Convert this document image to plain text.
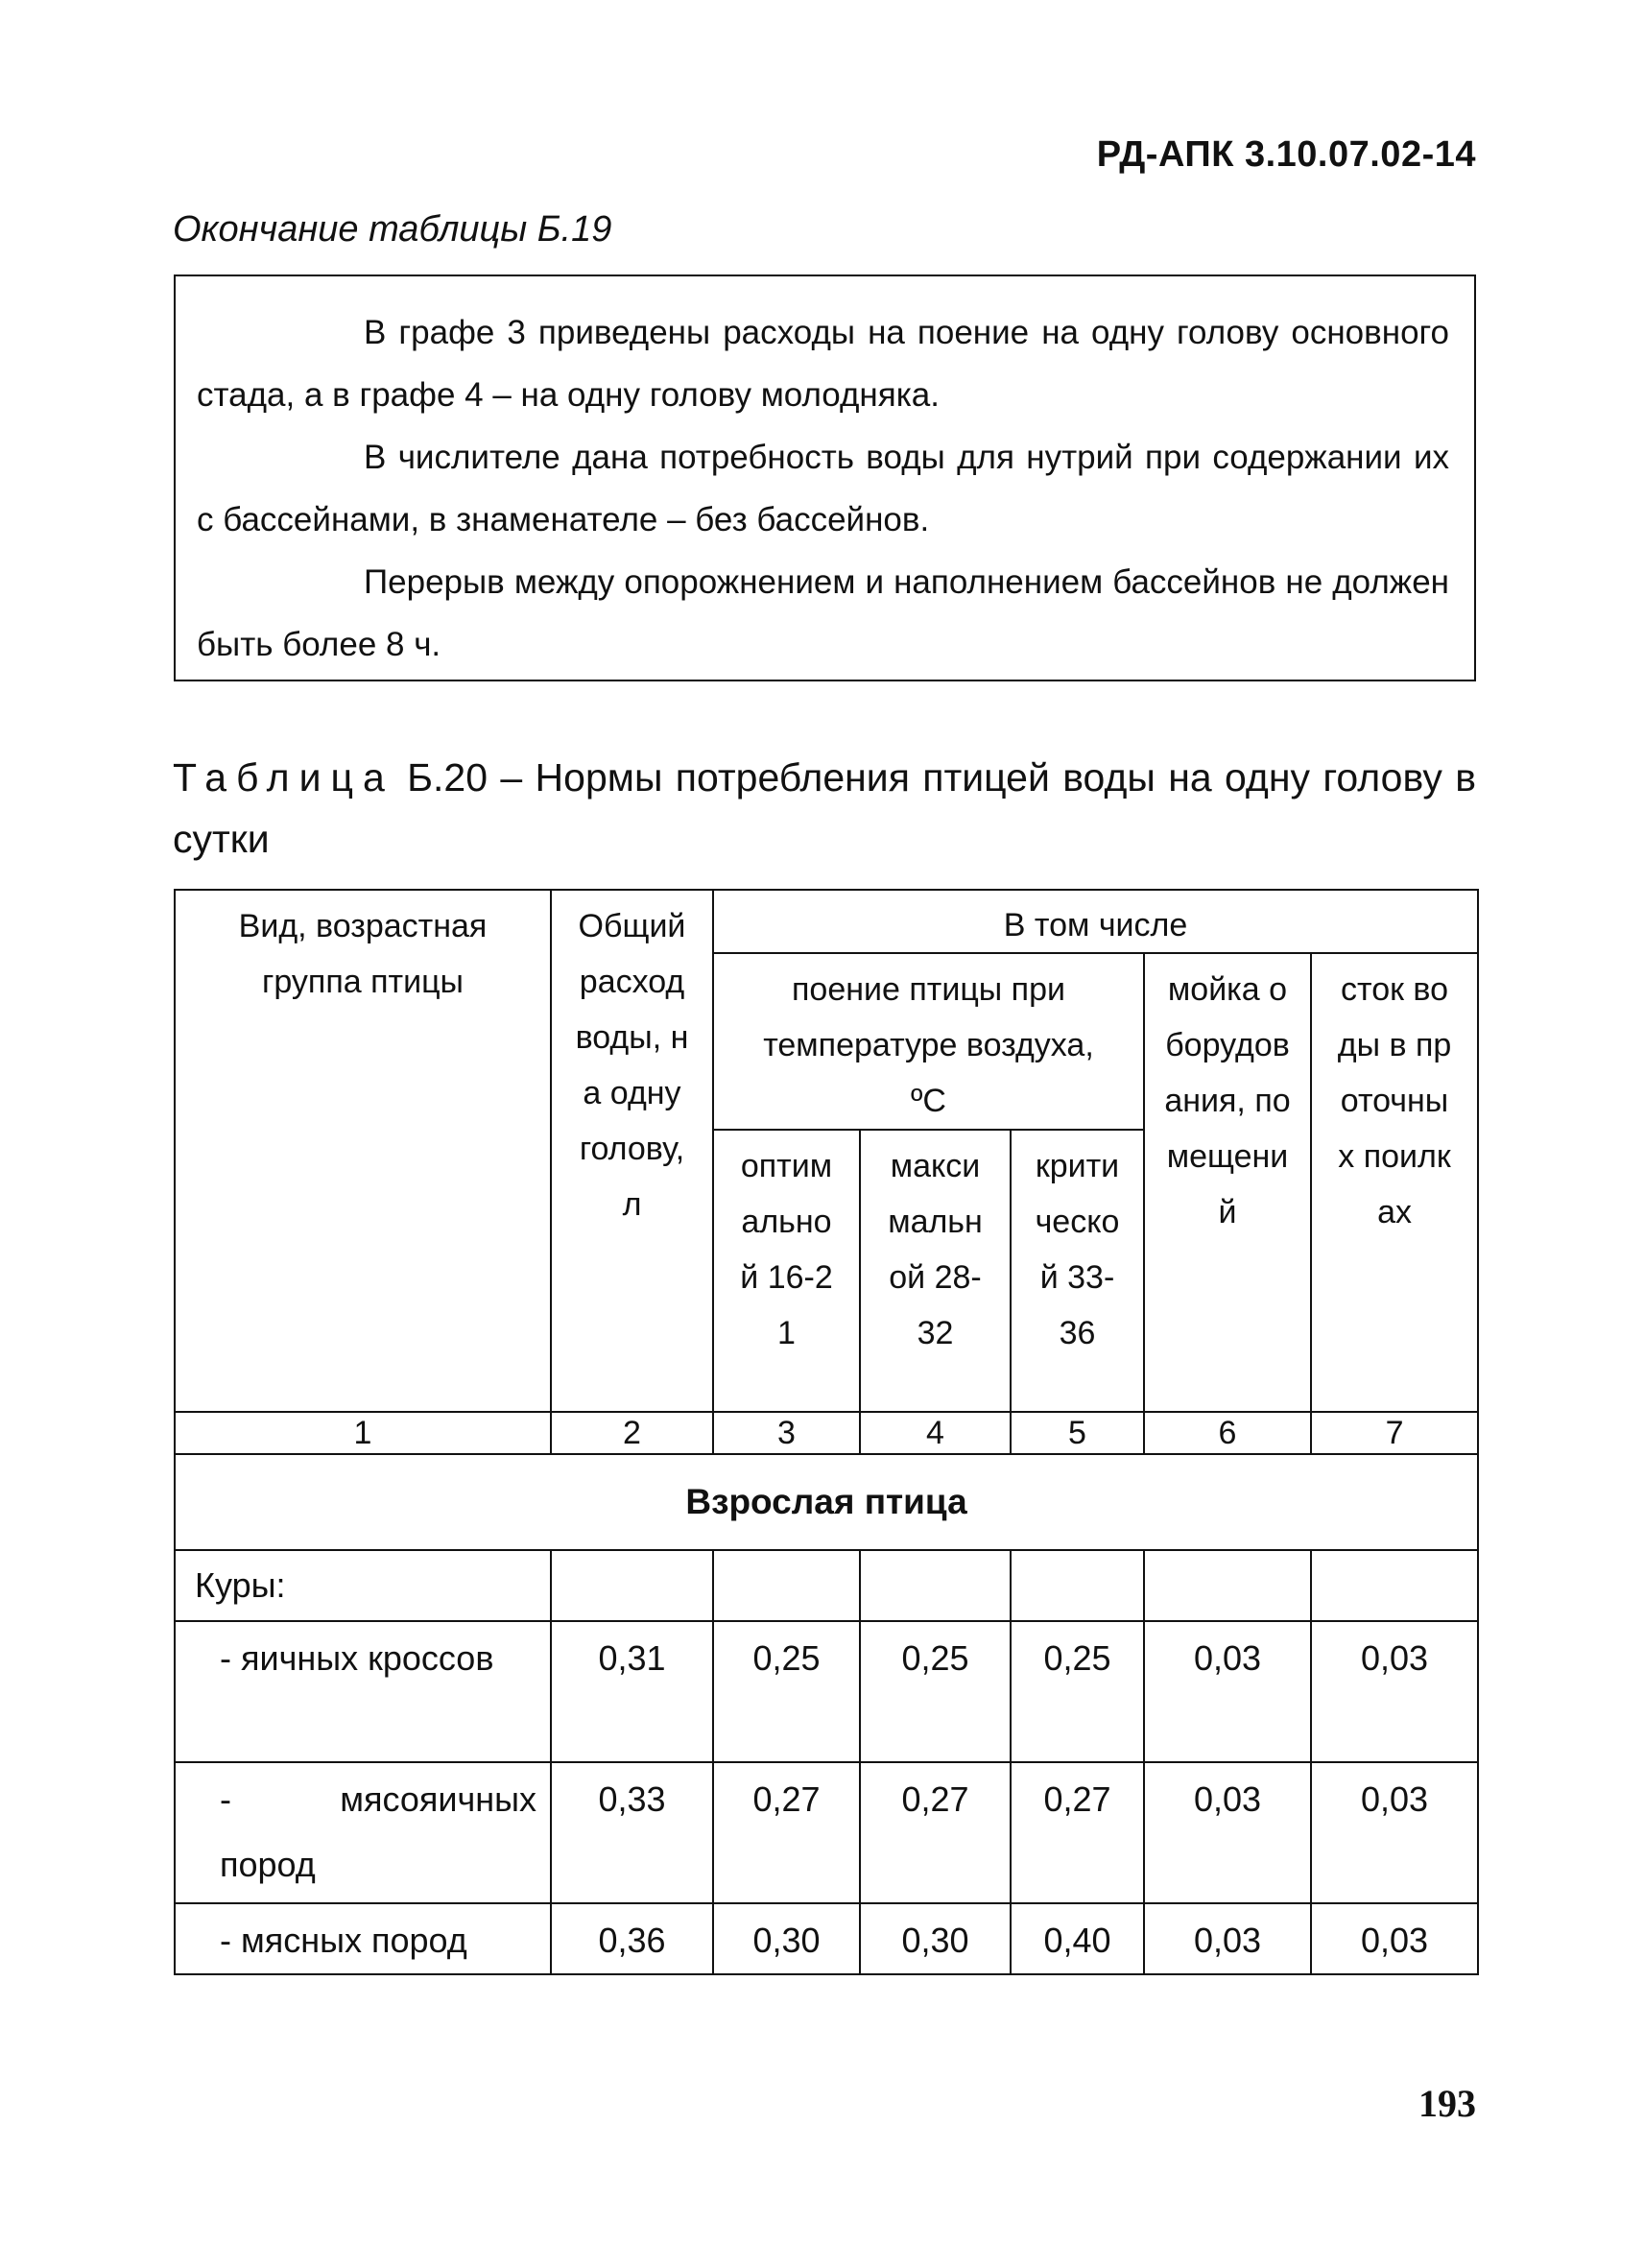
РД-АПК 3.10.07.02-14
Окончание таблицы Б.19

В графе 3 приведены расходы на поение на одну голову основного стада, а в графе 4 – на одну голову молодняка.

В числителе дана потребность воды для нутрий при содержании их с бассейнами, в знаменателе – без бассейнов.

Перерыв между опорожнением и наполнением бассейнов не должен быть более 8 ч.

Таблица Б.20 – Нормы потребления птицей воды на одну голову в сутки
Вид, возрастная группа птицы	Общий расход воды, на одну голову, л	В том числе				
		поение птицы при температуре воздуха, ºС			мойка оборудования, помещений	сток воды в проточных поилках
		оптимальной 16-21	максимальной 28-32	критической 33-36		
1	2	3	4	5	6	7
Взрослая птица						
Куры:						
- яичных кроссов	0,31	0,25	0,25	0,25	0,03	0,03
- мясояичных пород	0,33	0,27	0,27	0,27	0,03	0,03
- мясных пород	0,36	0,30	0,30	0,40	0,03	0,03
193
